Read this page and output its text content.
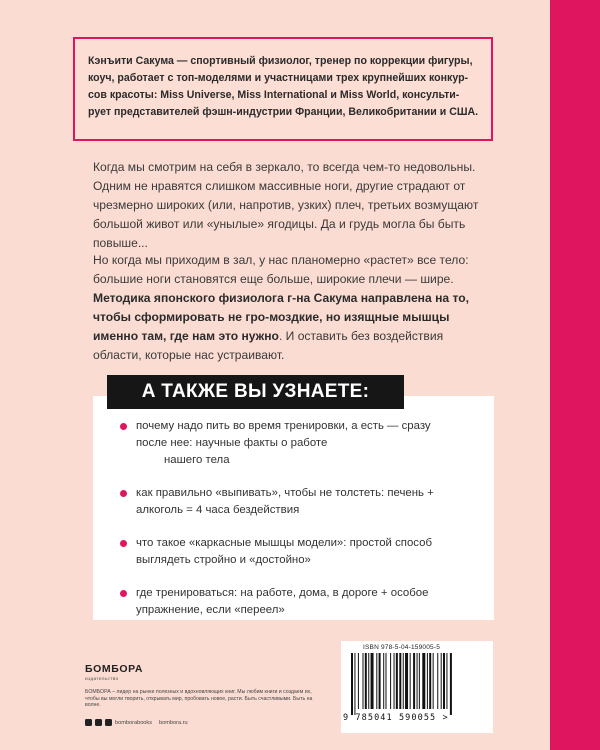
Кэнъити Сакума — спортивный физиолог, тренер по коррекции фигуры,

коуч, работает с топ-моделями и участницами трех крупнейших конкур-

сов красоты: Miss Universe, Miss International и Miss World, консульти-

рует представителей фэшн-индустрии Франции, Великобритании и США.

Когда мы смотрим на себя в зеркало, то всегда чем-то недовольны. Одним не нравятся слишком массивные ноги, другие страдают от чрезмерно широких (или, напротив, узких) плеч, третьих возмущают большой живот или «унылые» ягодицы. Да и грудь могла бы быть повыше...

Но когда мы приходим в зал, у нас планомерно «растет» все тело: большие ноги становятся еще больше, широкие плечи — шире. Методика японского физиолога г-на Сакума направлена на то, чтобы сформировать не гро-моздкие, но изящные мышцы именно там, где нам это нужно. И оставить без воздействия области, которые нас устраивают.

А ТАКЖЕ ВЫ УЗНАЕТЕ:
почему надо пить во время тренировки, а есть — сразу после нее: научные факты о работе
нашего тела
как правильно «выпивать», чтобы не толстеть: печень + алкоголь = 4 часа бездействия
что такое «каркасные мышцы модели»: простой способ выглядеть стройно и «достойно»
где тренироваться: на работе, дома, в дороге + особое упражнение, если «переел»
БОМБОРА
издательство

БОМБОРА – лидер на рынке полезных и вдохновляющих книг. Мы любим книги и создаем их, чтобы вы могли творить, открывать мир, пробовать новое, расти. Быть счастливыми. Быть на волне.

bomborabooks bombora.ru
ISBN 978-5-04-159005-5
9 785041 590055 >
